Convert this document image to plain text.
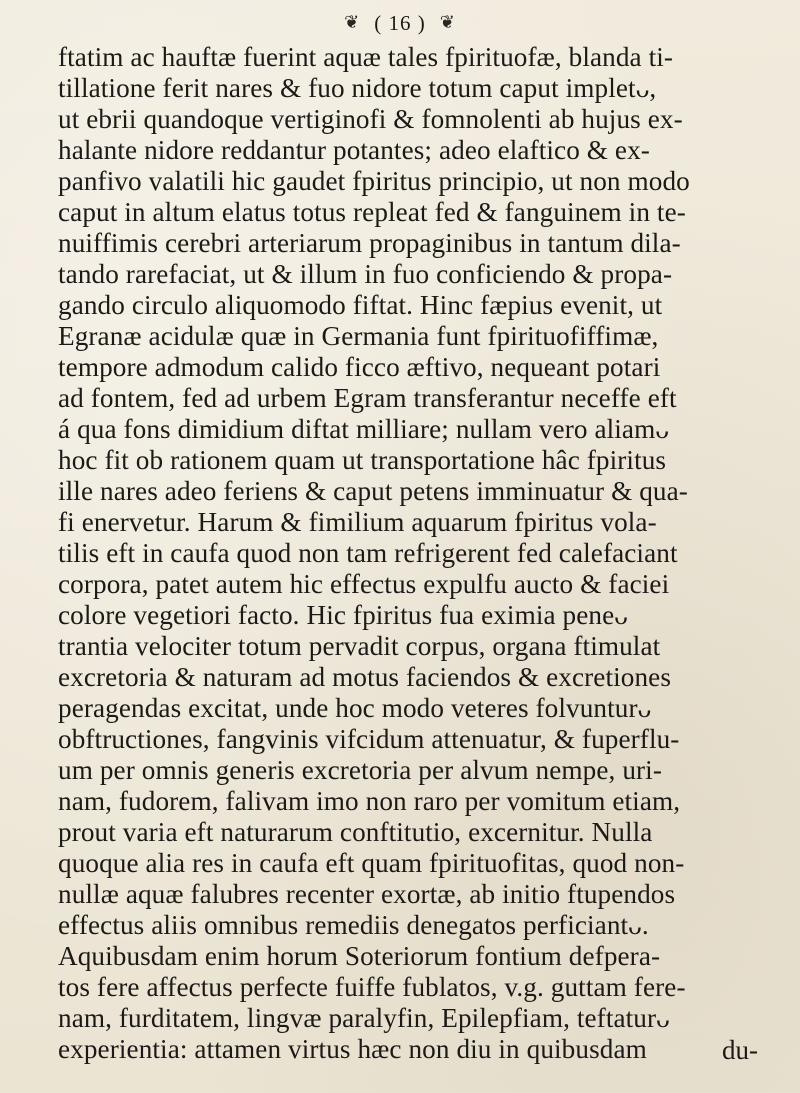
❦ ( 16 ) ❦
ftatim ac hauftæ fuerint aquæ tales fpirituofæ, blanda ti-
tillatione ferit nares & fuo nidore totum caput impletᴗ,
ut ebrii quandoque vertiginofi & fomnolenti ab hujus ex-
halante nidore reddantur potantes; adeo elaftico & ex-
panfivo valatili hic gaudet fpiritus principio, ut non modo
caput in altum elatus totus repleat fed & fanguinem in te-
nuiffimis cerebri arteriarum propaginibus in tantum dila-
tando rarefaciat, ut & illum in fuo conficiendo & propa-
gando circulo aliquomodo fiftat. Hinc fæpius evenit, ut
Egranæ acidulæ quæ in Germania funt fpirituofiffimæ,
tempore admodum calido ficco æftivo, nequeant potari
ad fontem, fed ad urbem Egram transferantur neceffe eft
á qua fons dimidium diftat milliare; nullam vero aliamᴗ
hoc fit ob rationem quam ut transportatione hâc fpiritus
ille nares adeo feriens & caput petens imminuatur & qua-
fi enervetur. Harum & fimilium aquarum fpiritus vola-
tilis eft in caufa quod non tam refrigerent fed calefaciant
corpora, patet autem hic effectus expulfu aucto & faciei
colore vegetiori facto. Hic fpiritus fua eximia peneᴗ
trantia velociter totum pervadit corpus, organa ftimulat
excretoria & naturam ad motus faciendos & excretiones
peragendas excitat, unde hoc modo veteres folvunturᴗ
obftructiones, fangvinis vifcidum attenuatur, & fuperflu-
um per omnis generis excretoria per alvum nempe, uri-
nam, fudorem, falivam imo non raro per vomitum etiam,
prout varia eft naturarum conftitutio, excernitur. Nulla
quoque alia res in caufa eft quam fpirituofitas, quod non-
nullæ aquæ falubres recenter exortæ, ab initio ftupendos
effectus aliis omnibus remediis denegatos perficiantᴗ.
Aquibusdam enim horum Soteriorum fontium defpera-
tos fere affectus perfecte fuiffe fublatos, v.g. guttam fere-
nam, furditatem, lingvæ paralyfin, Epilepfiam, teftaturᴗ
experientia: attamen virtus hæc non diu in quibusdam	du-
